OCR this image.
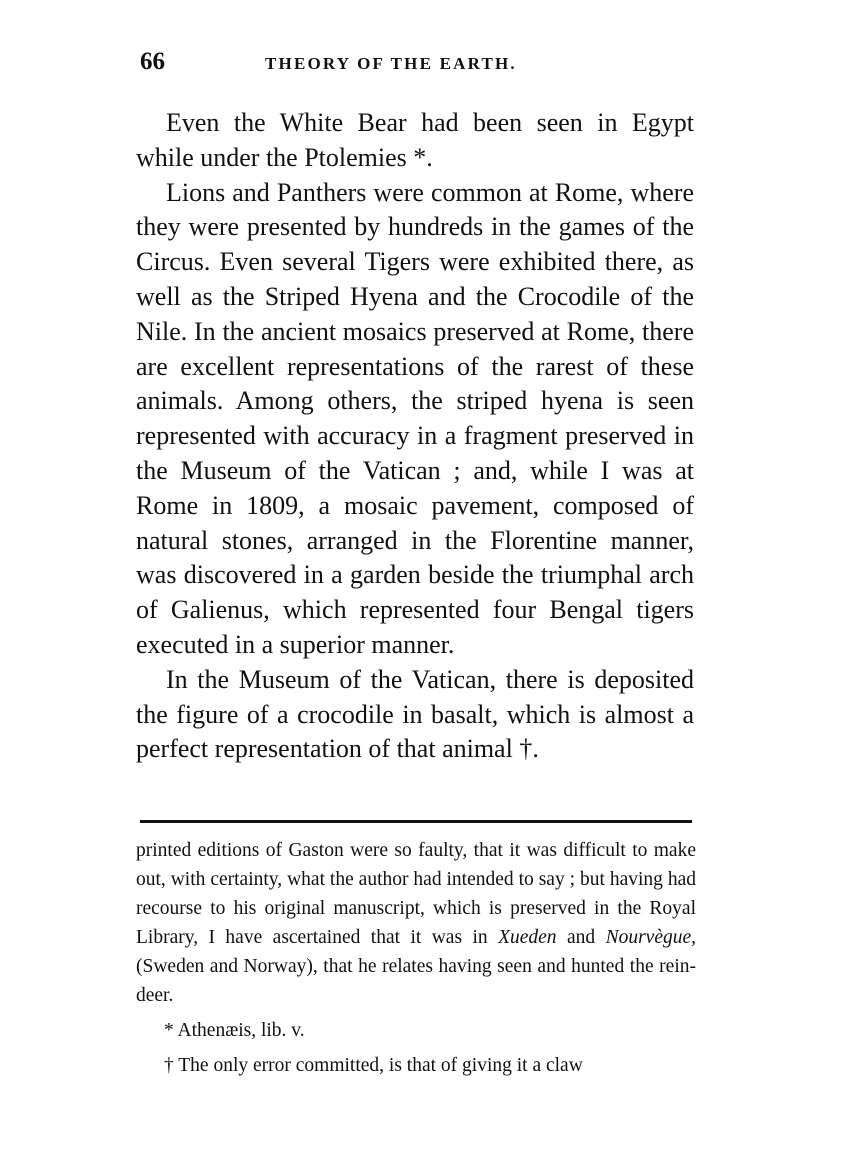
66	THEORY OF THE EARTH.

Even the White Bear had been seen in Egypt while under the Ptolemies *.

Lions and Panthers were common at Rome, where they were presented by hundreds in the games of the Circus. Even several Tigers were exhibited there, as well as the Striped Hyena and the Crocodile of the Nile. In the ancient mosaics preserved at Rome, there are excellent representations of the rarest of these animals. Among others, the striped hyena is seen represented with accuracy in a fragment preserved in the Museum of the Vatican ; and, while I was at Rome in 1809, a mosaic pavement, composed of natural stones, arranged in the Florentine manner, was discovered in a garden beside the triumphal arch of Galienus, which represented four Bengal tigers executed in a superior manner.

In the Museum of the Vatican, there is deposited the figure of a crocodile in basalt, which is almost a perfect representation of that animal †.

printed editions of Gaston were so faulty, that it was difficult to make out, with certainty, what the author had intended to say ; but having had recourse to his original manuscript, which is preserved in the Royal Library, I have ascertained that it was in Xueden and Nourvègue, (Sweden and Norway), that he relates having seen and hunted the rein-deer.

* Athenæis, lib. v.

† The only error committed, is that of giving it a claw
